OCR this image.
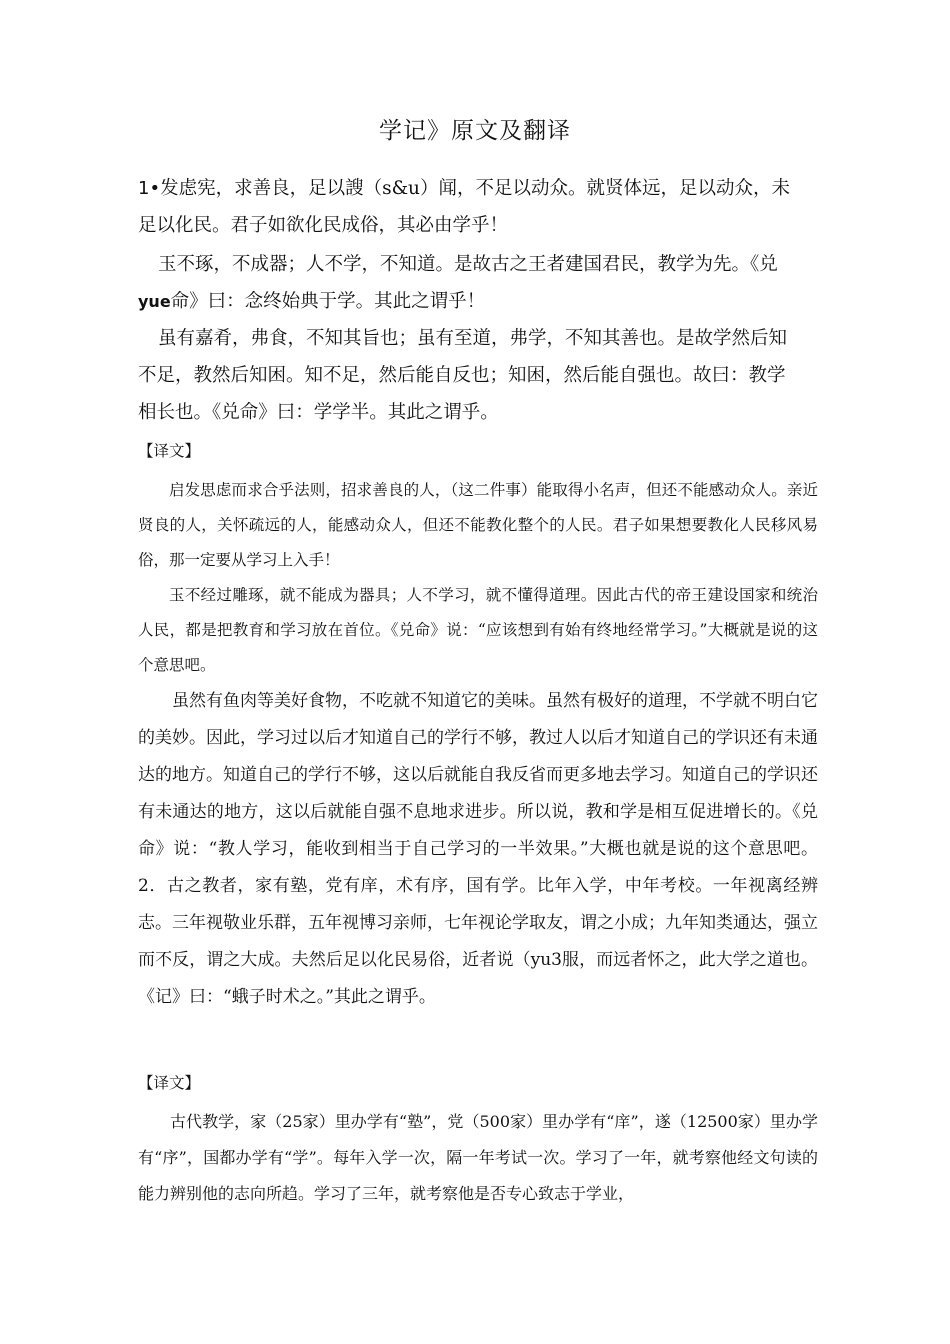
学记》原文及翻译

1•发虑宪，求善良，足以謏（s&u）闻，不足以动众。就贤体远，足以动众，未

足以化民。君子如欲化民成俗，其必由学乎！

玉不琢，不成器；人不学，不知道。是故古之王者建国君民，教学为先。《兑

yue命》曰：念终始典于学。其此之谓乎！

虽有嘉肴，弗食，不知其旨也；虽有至道，弗学，不知其善也。是故学然后知

不足，教然后知困。知不足，然后能自反也；知困，然后能自强也。故曰：教学

相长也。《兑命》曰：学学半。其此之谓乎。

【译文】

启发思虑而求合乎法则，招求善良的人，（这二件事）能取得小名声，但还不能感动众人。亲近贤良的人，关怀疏远的人，能感动众人，但还不能教化整个的人民。君子如果想要教化人民移风易俗，那一定要从学习上入手！

玉不经过雕琢，就不能成为器具；人不学习，就不懂得道理。因此古代的帝王建设国家和统治人民，都是把教育和学习放在首位。《兑命》说：“应该想到有始有终地经常学习。”大概就是说的这个意思吧。

虽然有鱼肉等美好食物，不吃就不知道它的美味。虽然有极好的道理，不学就不明白它的美妙。因此，学习过以后才知道自己的学行不够，教过人以后才知道自己的学识还有未通达的地方。知道自己的学行不够，这以后就能自我反省而更多地去学习。知道自己的学识还有未通达的地方，这以后就能自强不息地求进步。所以说，教和学是相互促进增长的。《兑命》说：“教人学习，能收到相当于自己学习的一半效果。”大概也就是说的这个意思吧。2．古之教者，家有塾，党有庠，术有序，国有学。比年入学，中年考校。一年视离经辨志。三年视敬业乐群，五年视博习亲师，七年视论学取友，谓之小成；九年知类通达，强立而不反，谓之大成。夫然后足以化民易俗，近者说（yu3服，而远者怀之，此大学之道也。《记》曰：“蛾子时术之。”其此之谓乎。

【译文】

古代教学，家（25家）里办学有“塾”，党（500家）里办学有“庠”，遂（12500家）里办学有“序”，国都办学有“学”。每年入学一次，隔一年考试一次。学习了一年，就考察他经文句读的能力辨别他的志向所趋。学习了三年，就考察他是否专心致志于学业，
